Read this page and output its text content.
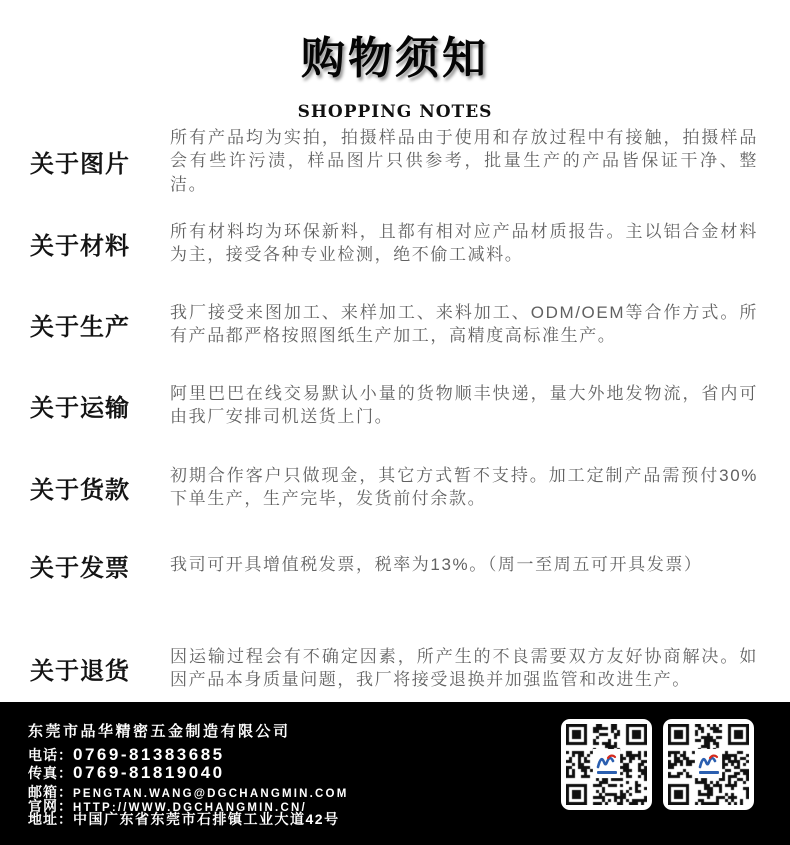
购物须知
SHOPPING NOTES
关于图片
所有产品均为实拍，拍摄样品由于使用和存放过程中有接触，拍摄样品会有些许污渍，样品图片只供参考，批量生产的产品皆保证干净、整洁。
关于材料
所有材料均为环保新料，且都有相对应产品材质报告。主以铝合金材料为主，接受各种专业检测，绝不偷工减料。
关于生产
我厂接受来图加工、来样加工、来料加工、ODM/OEM等合作方式。所有产品都严格按照图纸生产加工，高精度高标准生产。
关于运输
阿里巴巴在线交易默认小量的货物顺丰快递，量大外地发物流，省内可由我厂安排司机送货上门。
关于货款
初期合作客户只做现金，其它方式暂不支持。加工定制产品需预付30%下单生产，生产完毕，发货前付余款。
关于发票	我司可开具增值税发票，税率为13%。（周一至周五可开具发票）
关于退货
因运输过程会有不确定因素，所产生的不良需要双方友好协商解决。如因产品本身质量问题，我厂将接受退换并加强监管和改进生产。
东莞市品华精密五金制造有限公司
电话： 0769-81383685
传真： 0769-81819040
邮箱： PENGTAN.WANG@DGCHANGMIN.COM
官网： HTTP://WWW.DGCHANGMIN.CN/
地址： 中国广东省东莞市石排镇工业大道42号
